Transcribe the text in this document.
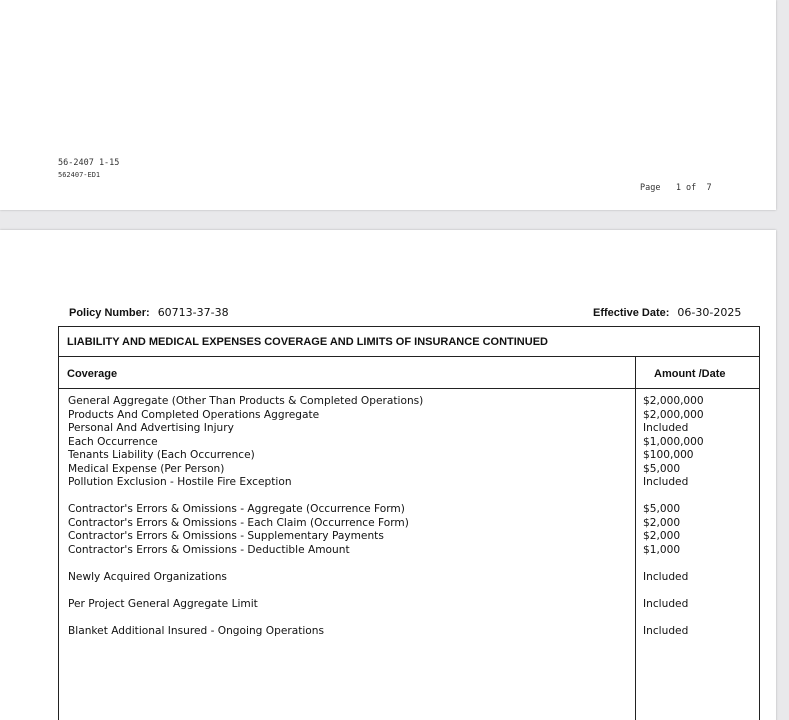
56-2407 1-15
562407-ED1
Page   1 of  7
Policy Number: 60713-37-38	Effective Date: 06-30-2025
LIABILITY AND MEDICAL EXPENSES COVERAGE AND LIMITS OF INSURANCE CONTINUED
Coverage	Amount /Date
General Aggregate (Other Than Products & Completed Operations)	$2,000,000
Products And Completed Operations Aggregate	$2,000,000
Personal And Advertising Injury	Included
Each Occurrence	$1,000,000
Tenants Liability (Each Occurrence)	$100,000
Medical Expense (Per Person)	$5,000
Pollution Exclusion - Hostile Fire Exception	Included
Contractor's Errors & Omissions - Aggregate (Occurrence Form)	$5,000
Contractor's Errors & Omissions - Each Claim (Occurrence Form)	$2,000
Contractor's Errors & Omissions - Supplementary Payments	$2,000
Contractor's Errors & Omissions - Deductible Amount	$1,000
Newly Acquired Organizations	Included
Per Project General Aggregate Limit	Included
Blanket Additional Insured - Ongoing Operations	Included
